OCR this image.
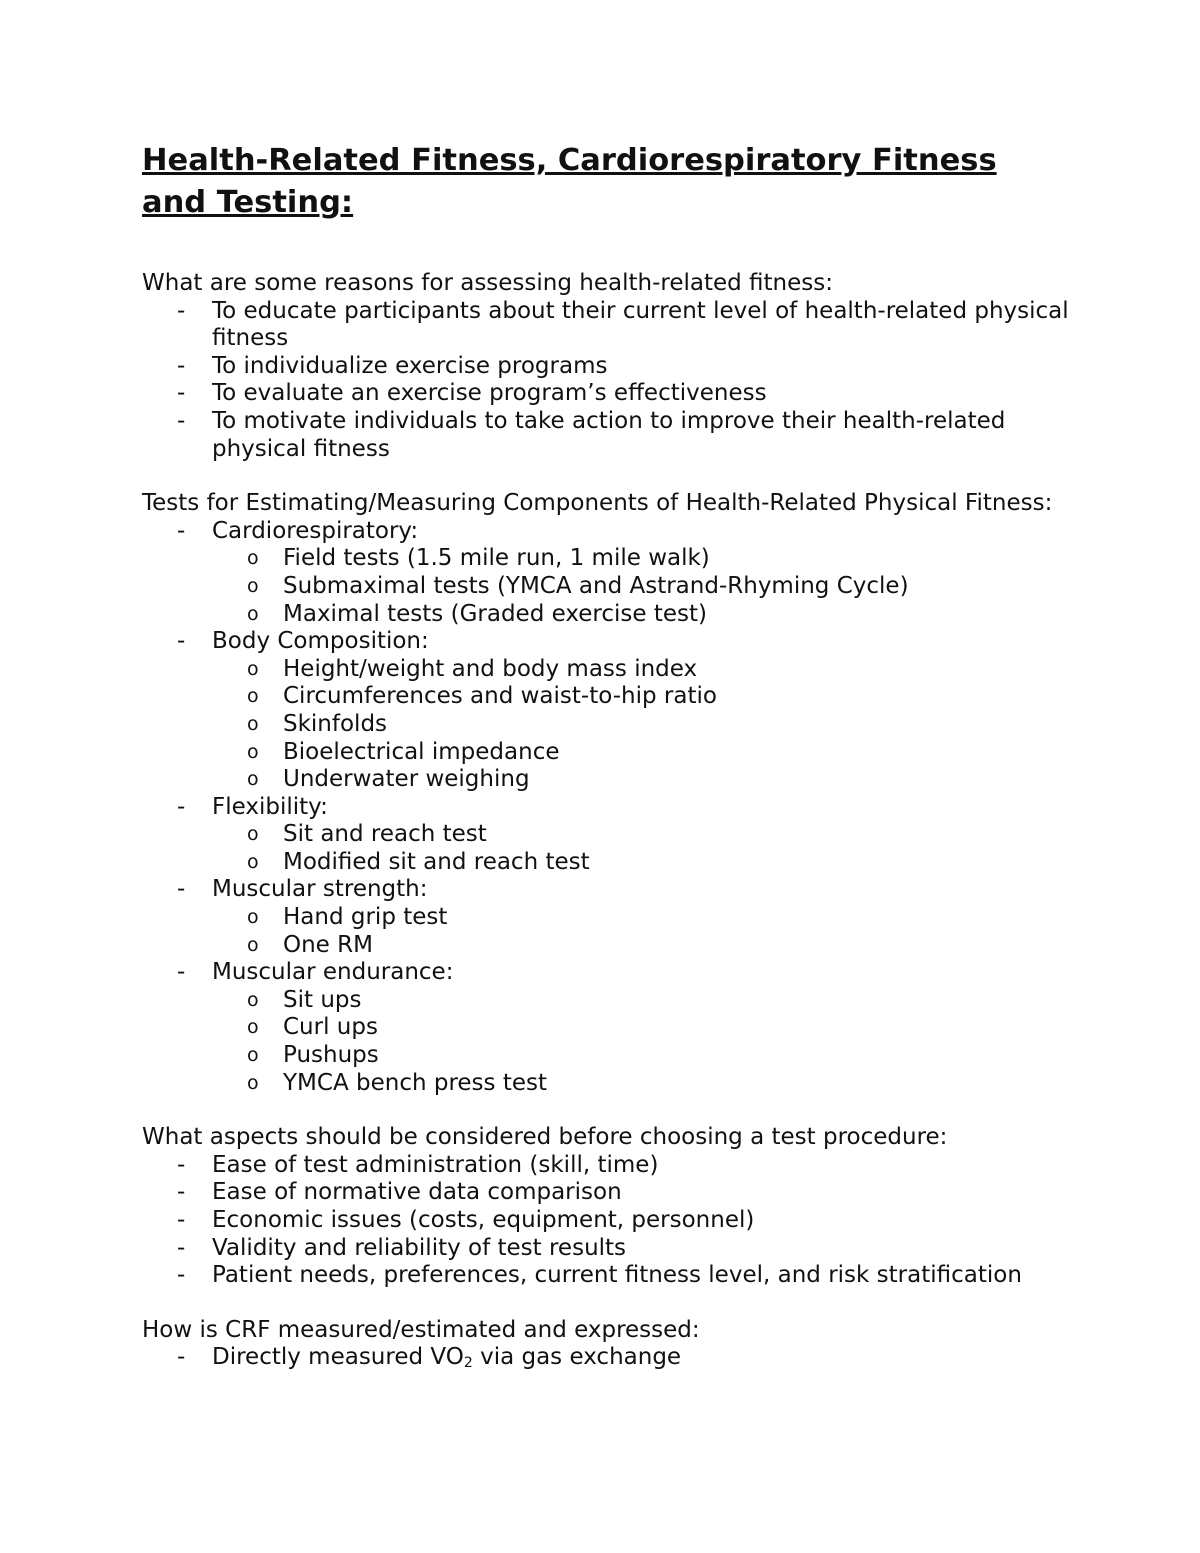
Health-Related Fitness, Cardiorespiratory Fitness and Testing:
What are some reasons for assessing health-related fitness:
- To educate participants about their current level of health-related physical fitness
- To individualize exercise programs
- To evaluate an exercise program’s effectiveness
- To motivate individuals to take action to improve their health-related physical fitness
Tests for Estimating/Measuring Components of Health-Related Physical Fitness:
- Cardiorespiratory:
o Field tests (1.5 mile run, 1 mile walk)
o Submaximal tests (YMCA and Astrand-Rhyming Cycle)
o Maximal tests (Graded exercise test)
- Body Composition:
o Height/weight and body mass index
o Circumferences and waist-to-hip ratio
o Skinfolds
o Bioelectrical impedance
o Underwater weighing
- Flexibility:
o Sit and reach test
o Modified sit and reach test
- Muscular strength:
o Hand grip test
o One RM
- Muscular endurance:
o Sit ups
o Curl ups
o Pushups
o YMCA bench press test
What aspects should be considered before choosing a test procedure:
- Ease of test administration (skill, time)
- Ease of normative data comparison
- Economic issues (costs, equipment, personnel)
- Validity and reliability of test results
- Patient needs, preferences, current fitness level, and risk stratification
How is CRF measured/estimated and expressed:
- Directly measured $VO_2$ via gas exchange
